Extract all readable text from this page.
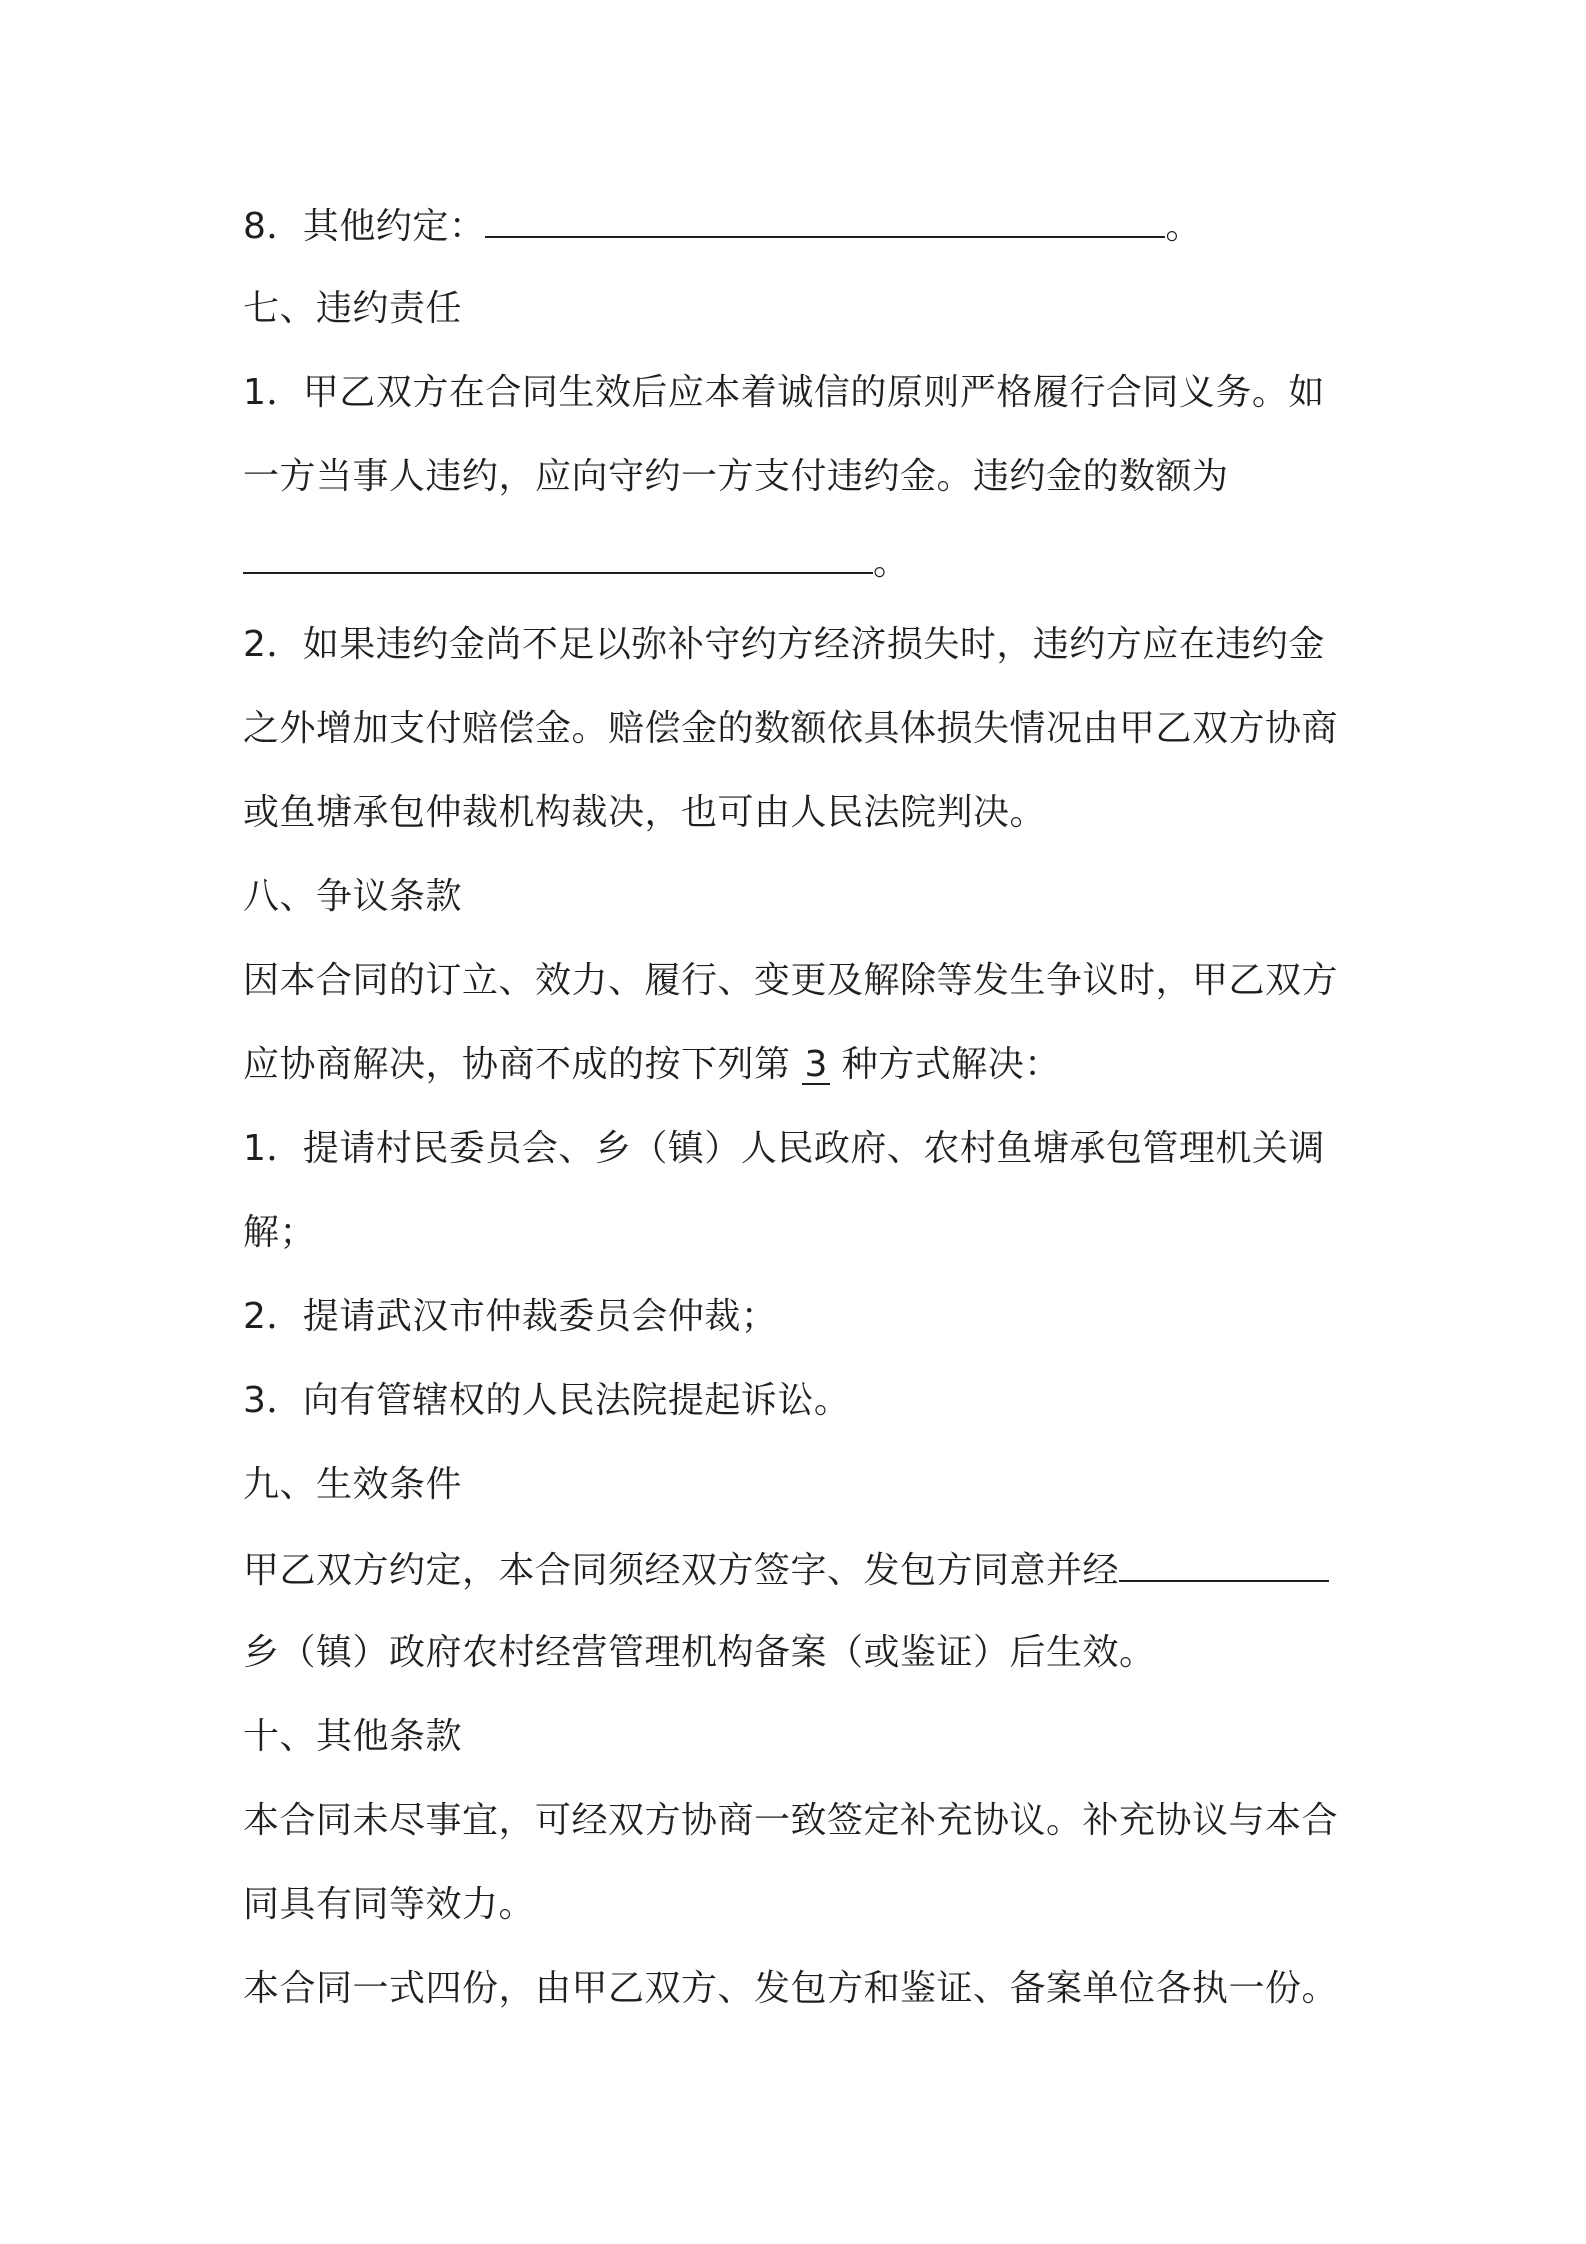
8．其他约定：	。
七、违约责任
1．甲乙双方在合同生效后应本着诚信的原则严格履行合同义务。如
一方当事人违约，应向守约一方支付违约金。违约金的数额为
。
2．如果违约金尚不足以弥补守约方经济损失时，违约方应在违约金
之外增加支付赔偿金。赔偿金的数额依具体损失情况由甲乙双方协商
或鱼塘承包仲裁机构裁决，也可由人民法院判决。
八、争议条款
因本合同的订立、效力、履行、变更及解除等发生争议时，甲乙双方
应协商解决，协商不成的按下列第 3 种方式解决：
1．提请村民委员会、乡（镇）人民政府、农村鱼塘承包管理机关调
解；
2．提请武汉市仲裁委员会仲裁；
3．向有管辖权的人民法院提起诉讼。
九、生效条件
甲乙双方约定，本合同须经双方签字、发包方同意并经
乡（镇）政府农村经营管理机构备案（或鉴证）后生效。
十、其他条款
本合同未尽事宜，可经双方协商一致签定补充协议。补充协议与本合
同具有同等效力。
本合同一式四份，由甲乙双方、发包方和鉴证、备案单位各执一份。
